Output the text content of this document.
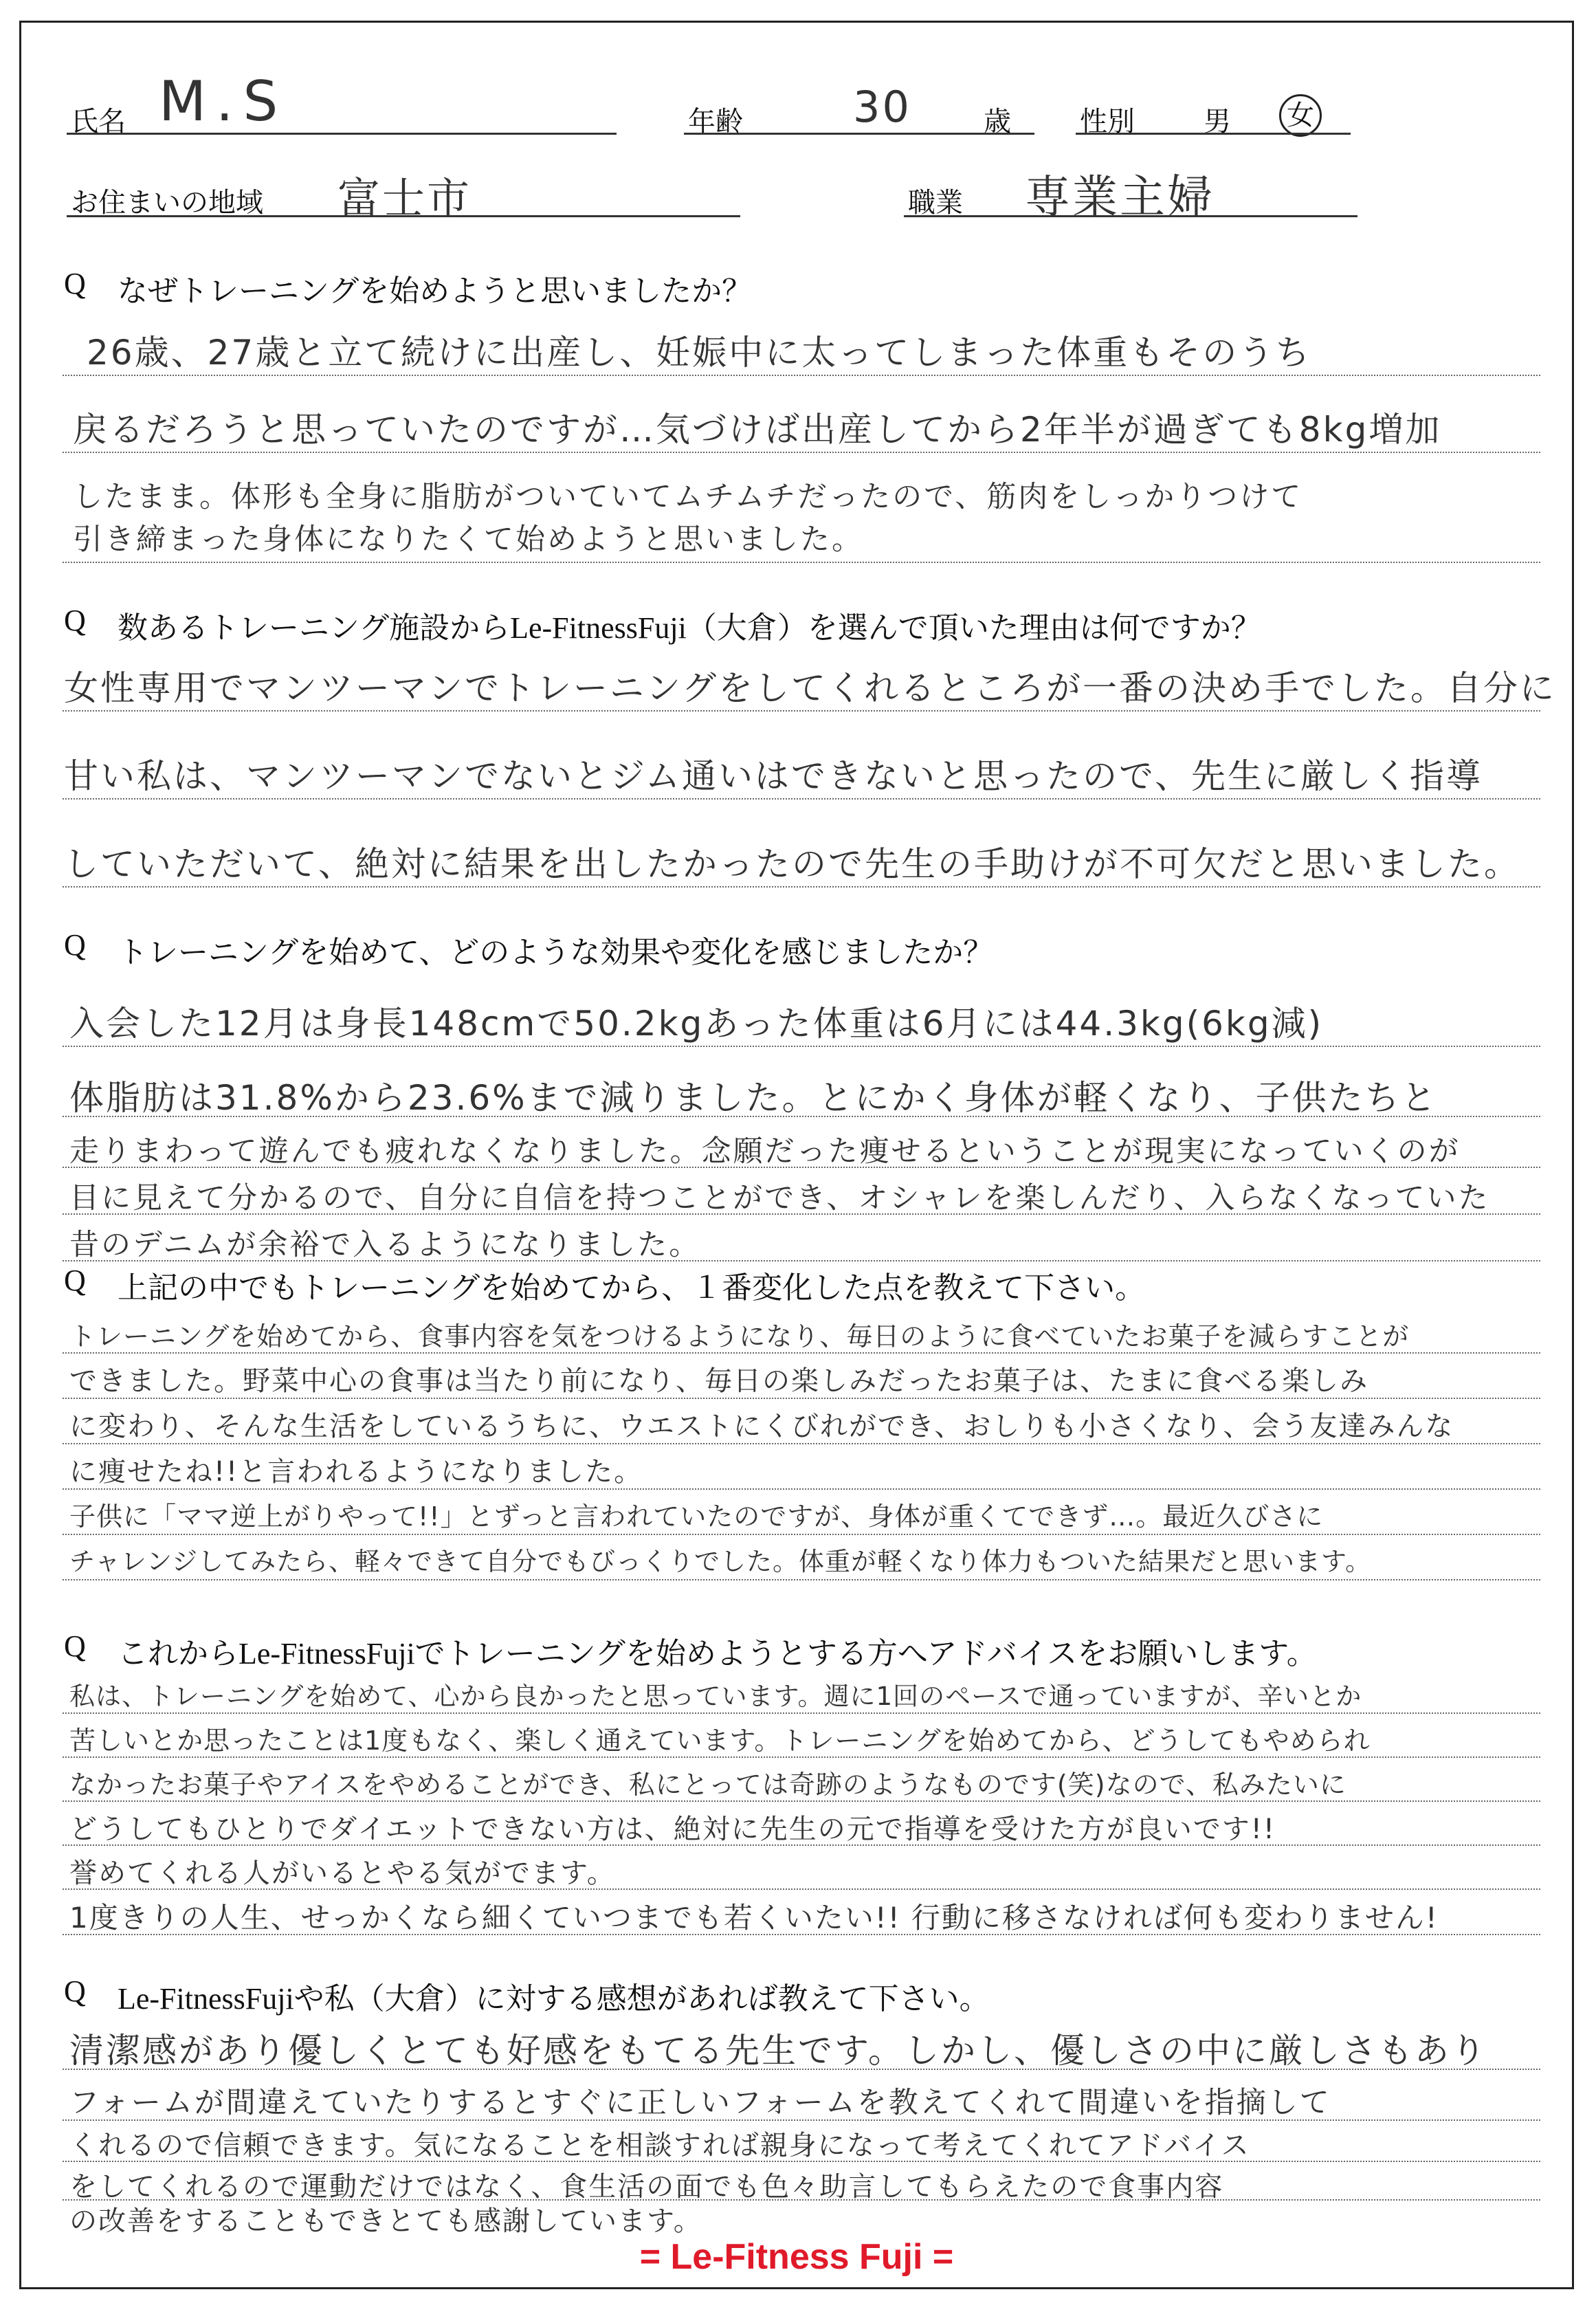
氏名 M.S	年齢	30	歳	性別	男 女
お住まいの地域 富士市	職業 専業主婦
Q なぜトレーニングを始めようと思いましたか？
26歳、27歳と立て続けに出産し、妊娠中に太ってしまった体重もそのうち
戻るだろうと思っていたのですが…気づけば出産してから2年半が過ぎても8kg増加
したまま。体形も全身に脂肪がついていてムチムチだったので、筋肉をしっかりつけて
引き締まった身体になりたくて始めようと思いました。
Q 数あるトレーニング施設からLe-FitnessFuji（大倉）を選んで頂いた理由は何ですか？
女性専用でマンツーマンでトレーニングをしてくれるところが一番の決め手でした。自分に
甘い私は、マンツーマンでないとジム通いはできないと思ったので、先生に厳しく指導
していただいて、絶対に結果を出したかったので先生の手助けが不可欠だと思いました。
Q トレーニングを始めて、どのような効果や変化を感じましたか？
入会した12月は身長148cmで50.2kgあった体重は6月には44.3kg(6kg減)
体脂肪は31.8%から23.6%まで減りました。とにかく身体が軽くなり、子供たちと
走りまわって遊んでも疲れなくなりました。念願だった痩せるということが現実になっていくのが
目に見えて分かるので、自分に自信を持つことができ、オシャレを楽しんだり、入らなくなっていた
昔のデニムが余裕で入るようになりました。
Q 上記の中でもトレーニングを始めてから、１番変化した点を教えて下さい。
トレーニングを始めてから、食事内容を気をつけるようになり、毎日のように食べていたお菓子を減らすことが
できました。野菜中心の食事は当たり前になり、毎日の楽しみだったお菓子は、たまに食べる楽しみ
に変わり、そんな生活をしているうちに、ウエストにくびれができ、おしりも小さくなり、会う友達みんな
に痩せたね!!と言われるようになりました。
子供に「ママ逆上がりやって!!」とずっと言われていたのですが、身体が重くてできず…。最近久びさに
チャレンジしてみたら、軽々できて自分でもびっくりでした。体重が軽くなり体力もついた結果だと思います。
Q これからLe-FitnessFujiでトレーニングを始めようとする方へアドバイスをお願いします。
私は、トレーニングを始めて、心から良かったと思っています。週に1回のペースで通っていますが、辛いとか
苦しいとか思ったことは1度もなく、楽しく通えています。トレーニングを始めてから、どうしてもやめられ
なかったお菓子やアイスをやめることができ、私にとっては奇跡のようなものです(笑)なので、私みたいに
どうしてもひとりでダイエットできない方は、絶対に先生の元で指導を受けた方が良いです!!
誉めてくれる人がいるとやる気がでます。
1度きりの人生、せっかくなら細くていつまでも若くいたい!! 行動に移さなければ何も変わりません!
Q Le-FitnessFujiや私（大倉）に対する感想があれば教えて下さい。
清潔感があり優しくとても好感をもてる先生です。しかし、優しさの中に厳しさもあり
フォームが間違えていたりするとすぐに正しいフォームを教えてくれて間違いを指摘して
くれるので信頼できます。気になることを相談すれば親身になって考えてくれてアドバイス
をしてくれるので運動だけではなく、食生活の面でも色々助言してもらえたので食事内容
の改善をすることもできとても感謝しています。
= Le-Fitness Fuji =
